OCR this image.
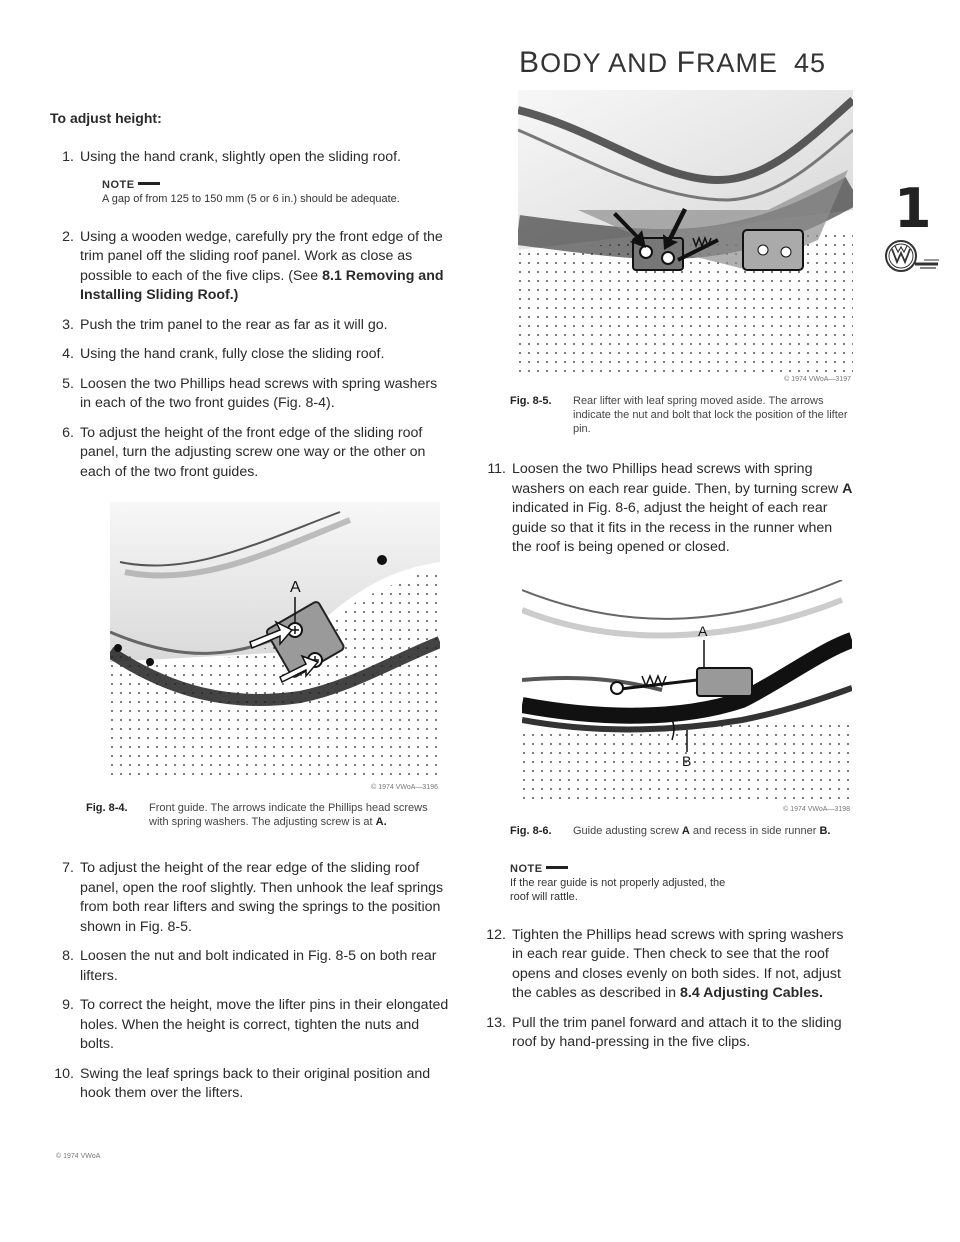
BODY AND FRAME 45
1
To adjust height:
1. Using the hand crank, slightly open the sliding roof.
NOTE
A gap of from 125 to 150 mm (5 or 6 in.) should be adequate.
2. Using a wooden wedge, carefully pry the front edge of the trim panel off the sliding roof panel. Work as close as possible to each of the five clips. (See 8.1 Removing and Installing Sliding Roof.)
3. Push the trim panel to the rear as far as it will go.
4. Using the hand crank, fully close the sliding roof.
5. Loosen the two Phillips head screws with spring washers in each of the two front guides (Fig. 8-4).
6. To adjust the height of the front edge of the sliding roof panel, turn the adjusting screw one way or the other on each of the two front guides.
A
© 1974 VWoA—3196
Fig. 8-4. Front guide. The arrows indicate the Phillips head screws with spring washers. The adjusting screw is at A.
7. To adjust the height of the rear edge of the sliding roof panel, open the roof slightly. Then unhook the leaf springs from both rear lifters and swing the springs to the position shown in Fig. 8-5.
8. Loosen the nut and bolt indicated in Fig. 8-5 on both rear lifters.
9. To correct the height, move the lifter pins in their elongated holes. When the height is correct, tighten the nuts and bolts.
10. Swing the leaf springs back to their original position and hook them over the lifters.
© 1974 VWoA—3197
Fig. 8-5. Rear lifter with leaf spring moved aside. The arrows indicate the nut and bolt that lock the position of the lifter pin.
11. Loosen the two Phillips head screws with spring washers on each rear guide. Then, by turning screw A indicated in Fig. 8-6, adjust the height of each rear guide so that it fits in the recess in the runner when the roof is being opened or closed.
A
B
© 1974 VWoA—3198
Fig. 8-6. Guide adusting screw A and recess in side runner B.
NOTE
If the rear guide is not properly adjusted, the roof will rattle.
12. Tighten the Phillips head screws with spring washers in each rear guide. Then check to see that the roof opens and closes evenly on both sides. If not, adjust the cables as described in 8.4 Adjusting Cables.
13. Pull the trim panel forward and attach it to the sliding roof by hand-pressing in the five clips.
© 1974 VWoA
